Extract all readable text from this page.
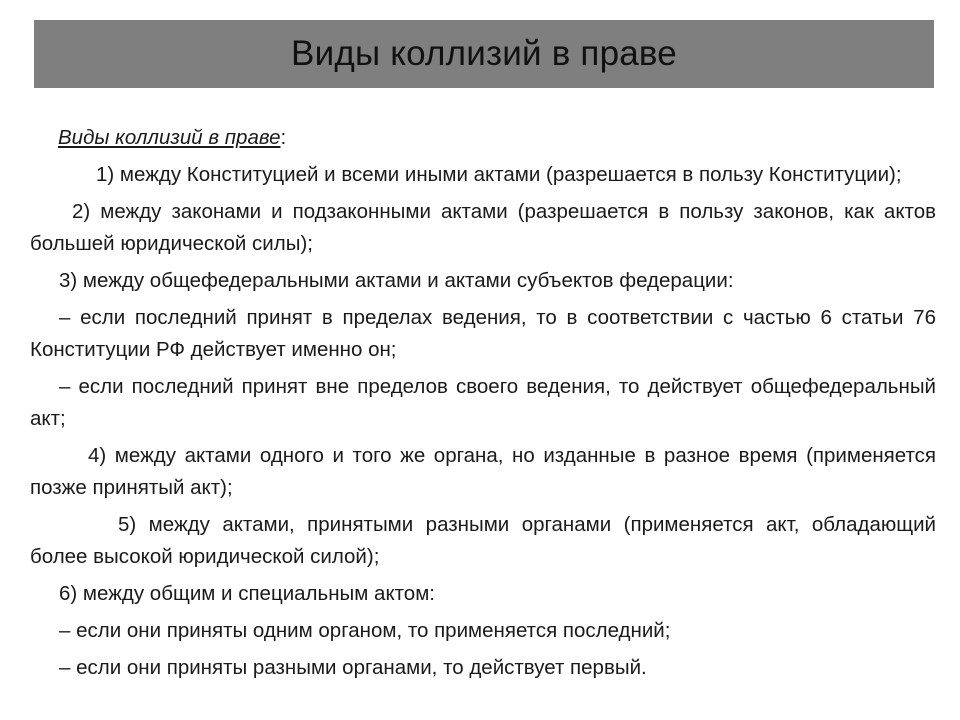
Виды коллизий в праве

Виды коллизий в праве:

1) между Конституцией и всеми иными актами (разрешается в пользу Конституции);

2) между законами и подзаконными актами (разрешается в пользу законов, как актов большей юридической силы);

3) между общефедеральными актами и актами субъектов федерации:

– если последний принят в пределах ведения, то в соответствии с частью 6 статьи 76 Конституции РФ действует именно он;

– если последний принят вне пределов своего ведения, то действует общефедеральный акт;

4) между актами одного и того же органа, но изданные в разное время (применяется позже принятый акт);

5) между актами, принятыми разными органами (применяется акт, обладающий более высокой юридической силой);

6) между общим и специальным актом:

– если они приняты одним органом, то применяется последний;

– если они приняты разными органами, то действует первый.
